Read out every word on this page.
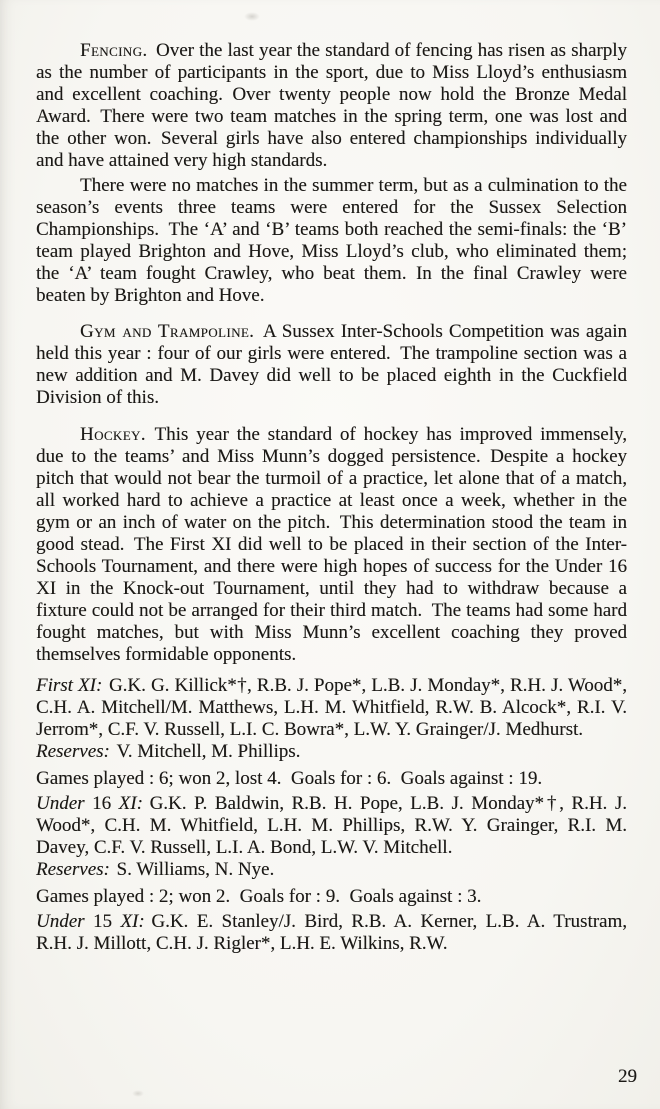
Fencing. Over the last year the standard of fencing has risen as sharply as the number of participants in the sport, due to Miss Lloyd’s enthusiasm and excellent coaching. Over twenty people now hold the Bronze Medal Award. There were two team matches in the spring term, one was lost and the other won. Several girls have also entered championships individually and have attained very high standards.

There were no matches in the summer term, but as a culmination to the season’s events three teams were entered for the Sussex Selection Championships. The ‘A’ and ‘B’ teams both reached the semi-finals: the ‘B’ team played Brighton and Hove, Miss Lloyd’s club, who eliminated them; the ‘A’ team fought Crawley, who beat them. In the final Crawley were beaten by Brighton and Hove.

Gym and Trampoline. A Sussex Inter-Schools Competition was again held this year : four of our girls were entered. The trampoline section was a new addition and M. Davey did well to be placed eighth in the Cuckfield Division of this.

Hockey. This year the standard of hockey has improved immensely, due to the teams’ and Miss Munn’s dogged persistence. Despite a hockey pitch that would not bear the turmoil of a practice, let alone that of a match, all worked hard to achieve a practice at least once a week, whether in the gym or an inch of water on the pitch. This determination stood the team in good stead. The First XI did well to be placed in their section of the Inter-Schools Tournament, and there were high hopes of success for the Under 16 XI in the Knock-out Tournament, until they had to withdraw because a fixture could not be arranged for their third match. The teams had some hard fought matches, but with Miss Munn’s excellent coaching they proved themselves formidable opponents.

First XI: G.K. G. Killick*†, R.B. J. Pope*, L.B. J. Monday*, R.H. J. Wood*, C.H. A. Mitchell/M. Matthews, L.H. M. Whitfield, R.W. B. Alcock*, R.I. V. Jerrom*, C.F. V. Russell, L.I. C. Bowra*, L.W. Y. Grainger/J. Medhurst.

Reserves: V. Mitchell, M. Phillips.

Games played : 6; won 2, lost 4. Goals for : 6. Goals against : 19.

Under 16 XI: G.K. P. Baldwin, R.B. H. Pope, L.B. J. Monday*†, R.H. J. Wood*, C.H. M. Whitfield, L.H. M. Phillips, R.W. Y. Grainger, R.I. M. Davey, C.F. V. Russell, L.I. A. Bond, L.W. V. Mitchell.

Reserves: S. Williams, N. Nye.

Games played : 2; won 2. Goals for : 9. Goals against : 3.

Under 15 XI: G.K. E. Stanley/J. Bird, R.B. A. Kerner, L.B. A. Trustram, R.H. J. Millott, C.H. J. Rigler*, L.H. E. Wilkins, R.W.

29
